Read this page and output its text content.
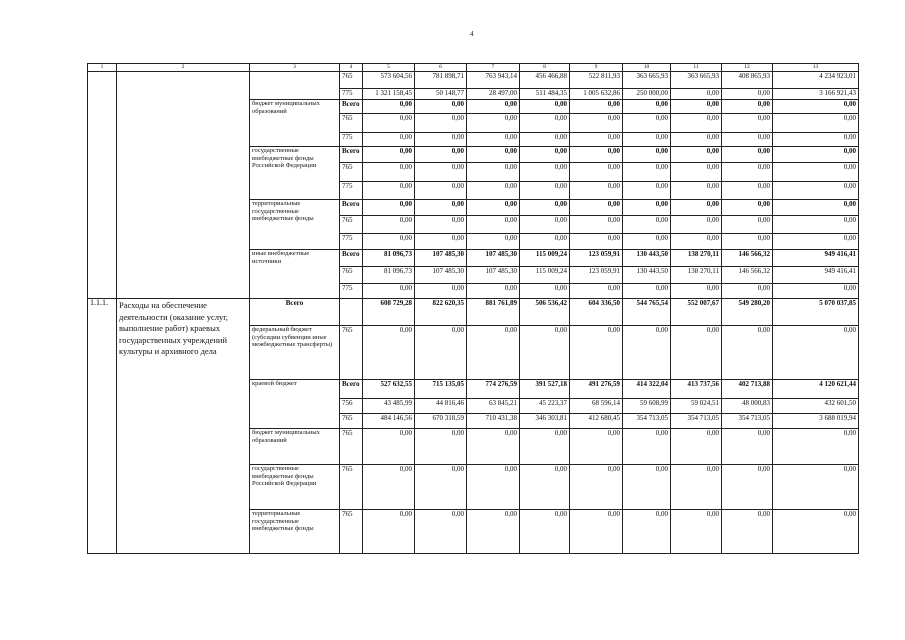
4
1	2	3	4	5	6	7	8	9	10	11	12	13
			765	573 604,56	781 898,71	763 943,14	456 466,88	522 811,93	363 665,93	363 665,93	408 865,93	4 234 923,01
			775	1 321 158,45	50 148,77	28 497,00	511 484,35	1 005 632,86	250 000,00	0,00	0,00	3 166 921,43
		бюджет муниципальных образований	Всего	0,00	0,00	0,00	0,00	0,00	0,00	0,00	0,00	0,00
			765	0,00	0,00	0,00	0,00	0,00	0,00	0,00	0,00	0,00
			775	0,00	0,00	0,00	0,00	0,00	0,00	0,00	0,00	0,00
		государственные внебюджетные фонды Российской Федерации	Всего	0,00	0,00	0,00	0,00	0,00	0,00	0,00	0,00	0,00
			765	0,00	0,00	0,00	0,00	0,00	0,00	0,00	0,00	0,00
			775	0,00	0,00	0,00	0,00	0,00	0,00	0,00	0,00	0,00
		территориальные государственные внебюджетные фонды	Всего	0,00	0,00	0,00	0,00	0,00	0,00	0,00	0,00	0,00
			765	0,00	0,00	0,00	0,00	0,00	0,00	0,00	0,00	0,00
			775	0,00	0,00	0,00	0,00	0,00	0,00	0,00	0,00	0,00
		иные внебюджетные источники	Всего	81 096,73	107 485,30	107 485,30	115 009,24	123 059,91	130 443,50	138 270,11	146 566,32	949 416,41
			765	81 096,73	107 485,30	107 485,30	115 009,24	123 059,91	130 443,50	138 270,11	146 566,32	949 416,41
			775	0,00	0,00	0,00	0,00	0,00	0,00	0,00	0,00	0,00
1.1.1.	Расходы на обеспечение деятельности (оказание услуг, выполнение работ) краевых государственных учреждений культуры и архивного дела	Всего		608 729,28	822 620,35	881 761,89	506 536,42	604 336,50	544 765,54	552 007,67	549 280,20	5 070 037,85
		федеральный бюджет (субсидии субвенции иные межбюджетные трансферты)	765	0,00	0,00	0,00	0,00	0,00	0,00	0,00	0,00	0,00
		краевой бюджет	Всего	527 632,55	715 135,05	774 276,59	391 527,18	491 276,59	414 322,04	413 737,56	402 713,88	4 120 621,44
			756	43 485,99	44 816,46	63 845,21	45 223,37	68 596,14	59 608,99	59 024,51	48 000,83	432 601,50
			765	484 146,56	670 318,59	710 431,38	346 303,81	412 680,45	354 713,05	354 713,05	354 713,05	3 688 019,94
		бюджет муниципальных образований	765	0,00	0,00	0,00	0,00	0,00	0,00	0,00	0,00	0,00
		государственные внебюджетные фонды Российской Федерации	765	0,00	0,00	0,00	0,00	0,00	0,00	0,00	0,00	0,00
		территориальные государственные внебюджетные фонды	765	0,00	0,00	0,00	0,00	0,00	0,00	0,00	0,00	0,00
